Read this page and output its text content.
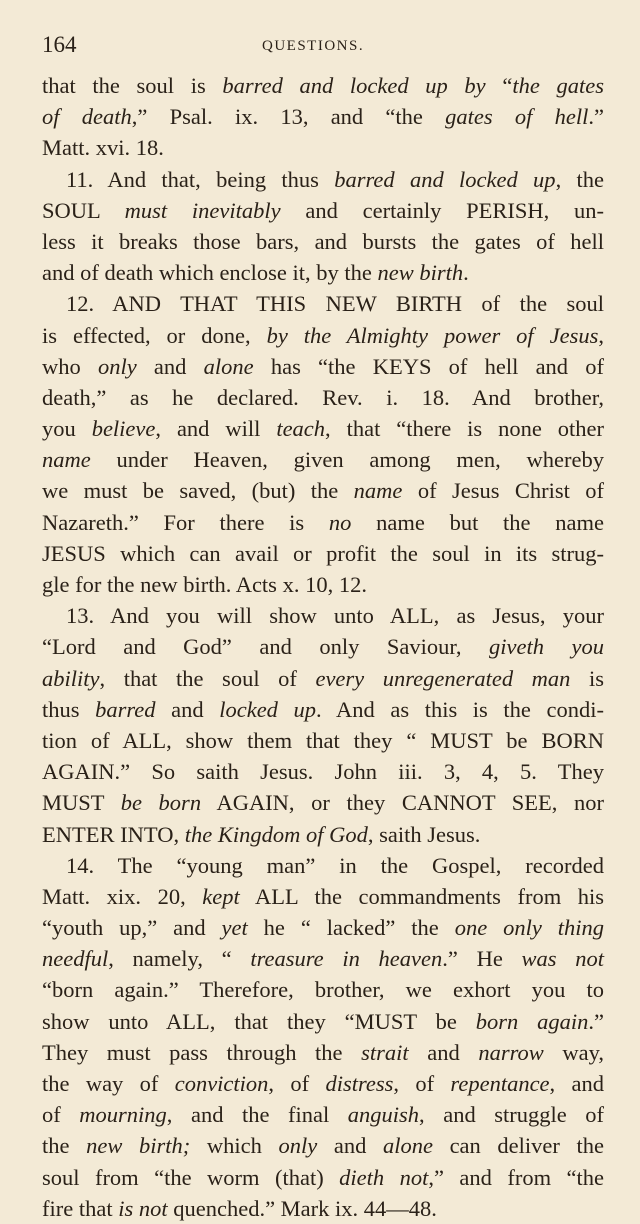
164	QUESTIONS.
that the soul is barred and locked up by “the gates
of death,” Psal. ix. 13, and “the gates of hell.”
Matt. xvi. 18.
11. And that, being thus barred and locked up, the
SOUL must inevitably and certainly PERISH, un-
less it breaks those bars, and bursts the gates of hell
and of death which enclose it, by the new birth.
12. AND THAT THIS NEW BIRTH of the soul
is effected, or done, by the Almighty power of Jesus,
who only and alone has “the KEYS of hell and of
death,” as he declared. Rev. i. 18. And brother,
you believe, and will teach, that “there is none other
name under Heaven, given among men, whereby
we must be saved, (but) the name of Jesus Christ of
Nazareth.” For there is no name but the name
JESUS which can avail or profit the soul in its strug-
gle for the new birth. Acts x. 10, 12.
13. And you will show unto ALL, as Jesus, your
“Lord and God” and only Saviour, giveth you
ability, that the soul of every unregenerated man is
thus barred and locked up. And as this is the condi-
tion of ALL, show them that they “ MUST be BORN
AGAIN.” So saith Jesus. John iii. 3, 4, 5. They
MUST be born AGAIN, or they CANNOT SEE, nor
ENTER INTO, the Kingdom of God, saith Jesus.
14. The “young man” in the Gospel, recorded
Matt. xix. 20, kept ALL the commandments from his
“youth up,” and yet he “ lacked” the one only thing
needful, namely, “ treasure in heaven.” He was not
“born again.” Therefore, brother, we exhort you to
show unto ALL, that they “MUST be born again.”
They must pass through the strait and narrow way,
the way of conviction, of distress, of repentance, and
of mourning, and the final anguish, and struggle of
the new birth; which only and alone can deliver the
soul from “the worm (that) dieth not,” and from “the
fire that is not quenched.” Mark ix. 44—48.
